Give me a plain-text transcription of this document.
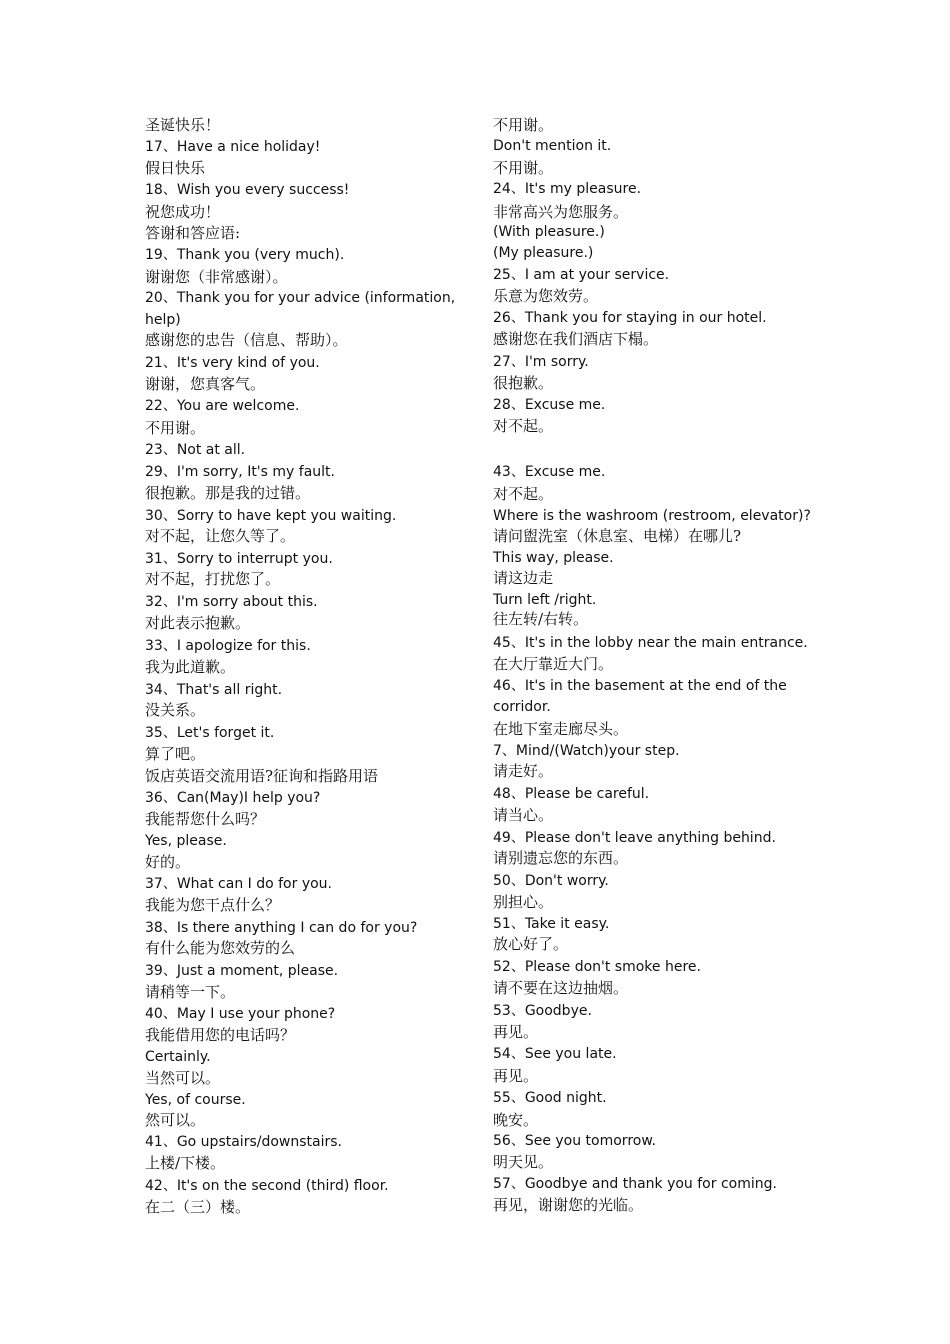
圣诞快乐！
17、Have a nice holiday!
假日快乐
18、Wish you every success!
祝您成功！
答谢和答应语:
19、Thank you (very much).
谢谢您（非常感谢）。
20、Thank you for your advice (information,
help)
感谢您的忠告（信息、帮助）。
21、It's very kind of you.
谢谢，您真客气。
22、You are welcome.
不用谢。
23、Not at all.
29、I'm sorry, It's my fault.
很抱歉。那是我的过错。
30、Sorry to have kept you waiting.
对不起，让您久等了。
31、Sorry to interrupt you.
对不起，打扰您了。
32、I'm sorry about this.
对此表示抱歉。
33、I apologize for this.
我为此道歉。
34、That's all right.
没关系。
35、Let's forget it.
算了吧。
饭店英语交流用语?征询和指路用语
36、Can(May)I help you?
我能帮您什么吗？
Yes, please.
好的。
37、What can I do for you.
我能为您干点什么？
38、Is there anything I can do for you?
有什么能为您效劳的么
39、Just a moment, please.
请稍等一下。
40、May I use your phone?
我能借用您的电话吗？
Certainly.
当然可以。
Yes, of course.
然可以。
41、Go upstairs/downstairs.
上楼/下楼。
42、It's on the second (third) floor.
在二（三）楼。
不用谢。
Don't mention it.
不用谢。
24、It's my pleasure.
非常高兴为您服务。
(With pleasure.)
(My pleasure.)
25、I am at your service.
乐意为您效劳。
26、Thank you for staying in our hotel.
感谢您在我们酒店下榻。
27、I'm sorry.
很抱歉。
28、Excuse me.
对不起。
43、Excuse me.
对不起。
Where is the washroom (restroom, elevator)?
请问盥洗室（休息室、电梯）在哪儿?
This way, please.
请这边走
Turn left /right.
往左转/右转。
45、It's in the lobby near the main entrance.
在大厅靠近大门。
46、It's in the basement at the end of the
corridor.
在地下室走廊尽头。
7、Mind/(Watch)your step.
请走好。
48、Please be careful.
请当心。
49、Please don't leave anything behind.
请别遗忘您的东西。
50、Don't worry.
别担心。
51、Take it easy.
放心好了。
52、Please don't smoke here.
请不要在这边抽烟。
53、Goodbye.
再见。
54、See you late.
再见。
55、Good night.
晚安。
56、See you tomorrow.
明天见。
57、Goodbye and thank you for coming.
再见，谢谢您的光临。
